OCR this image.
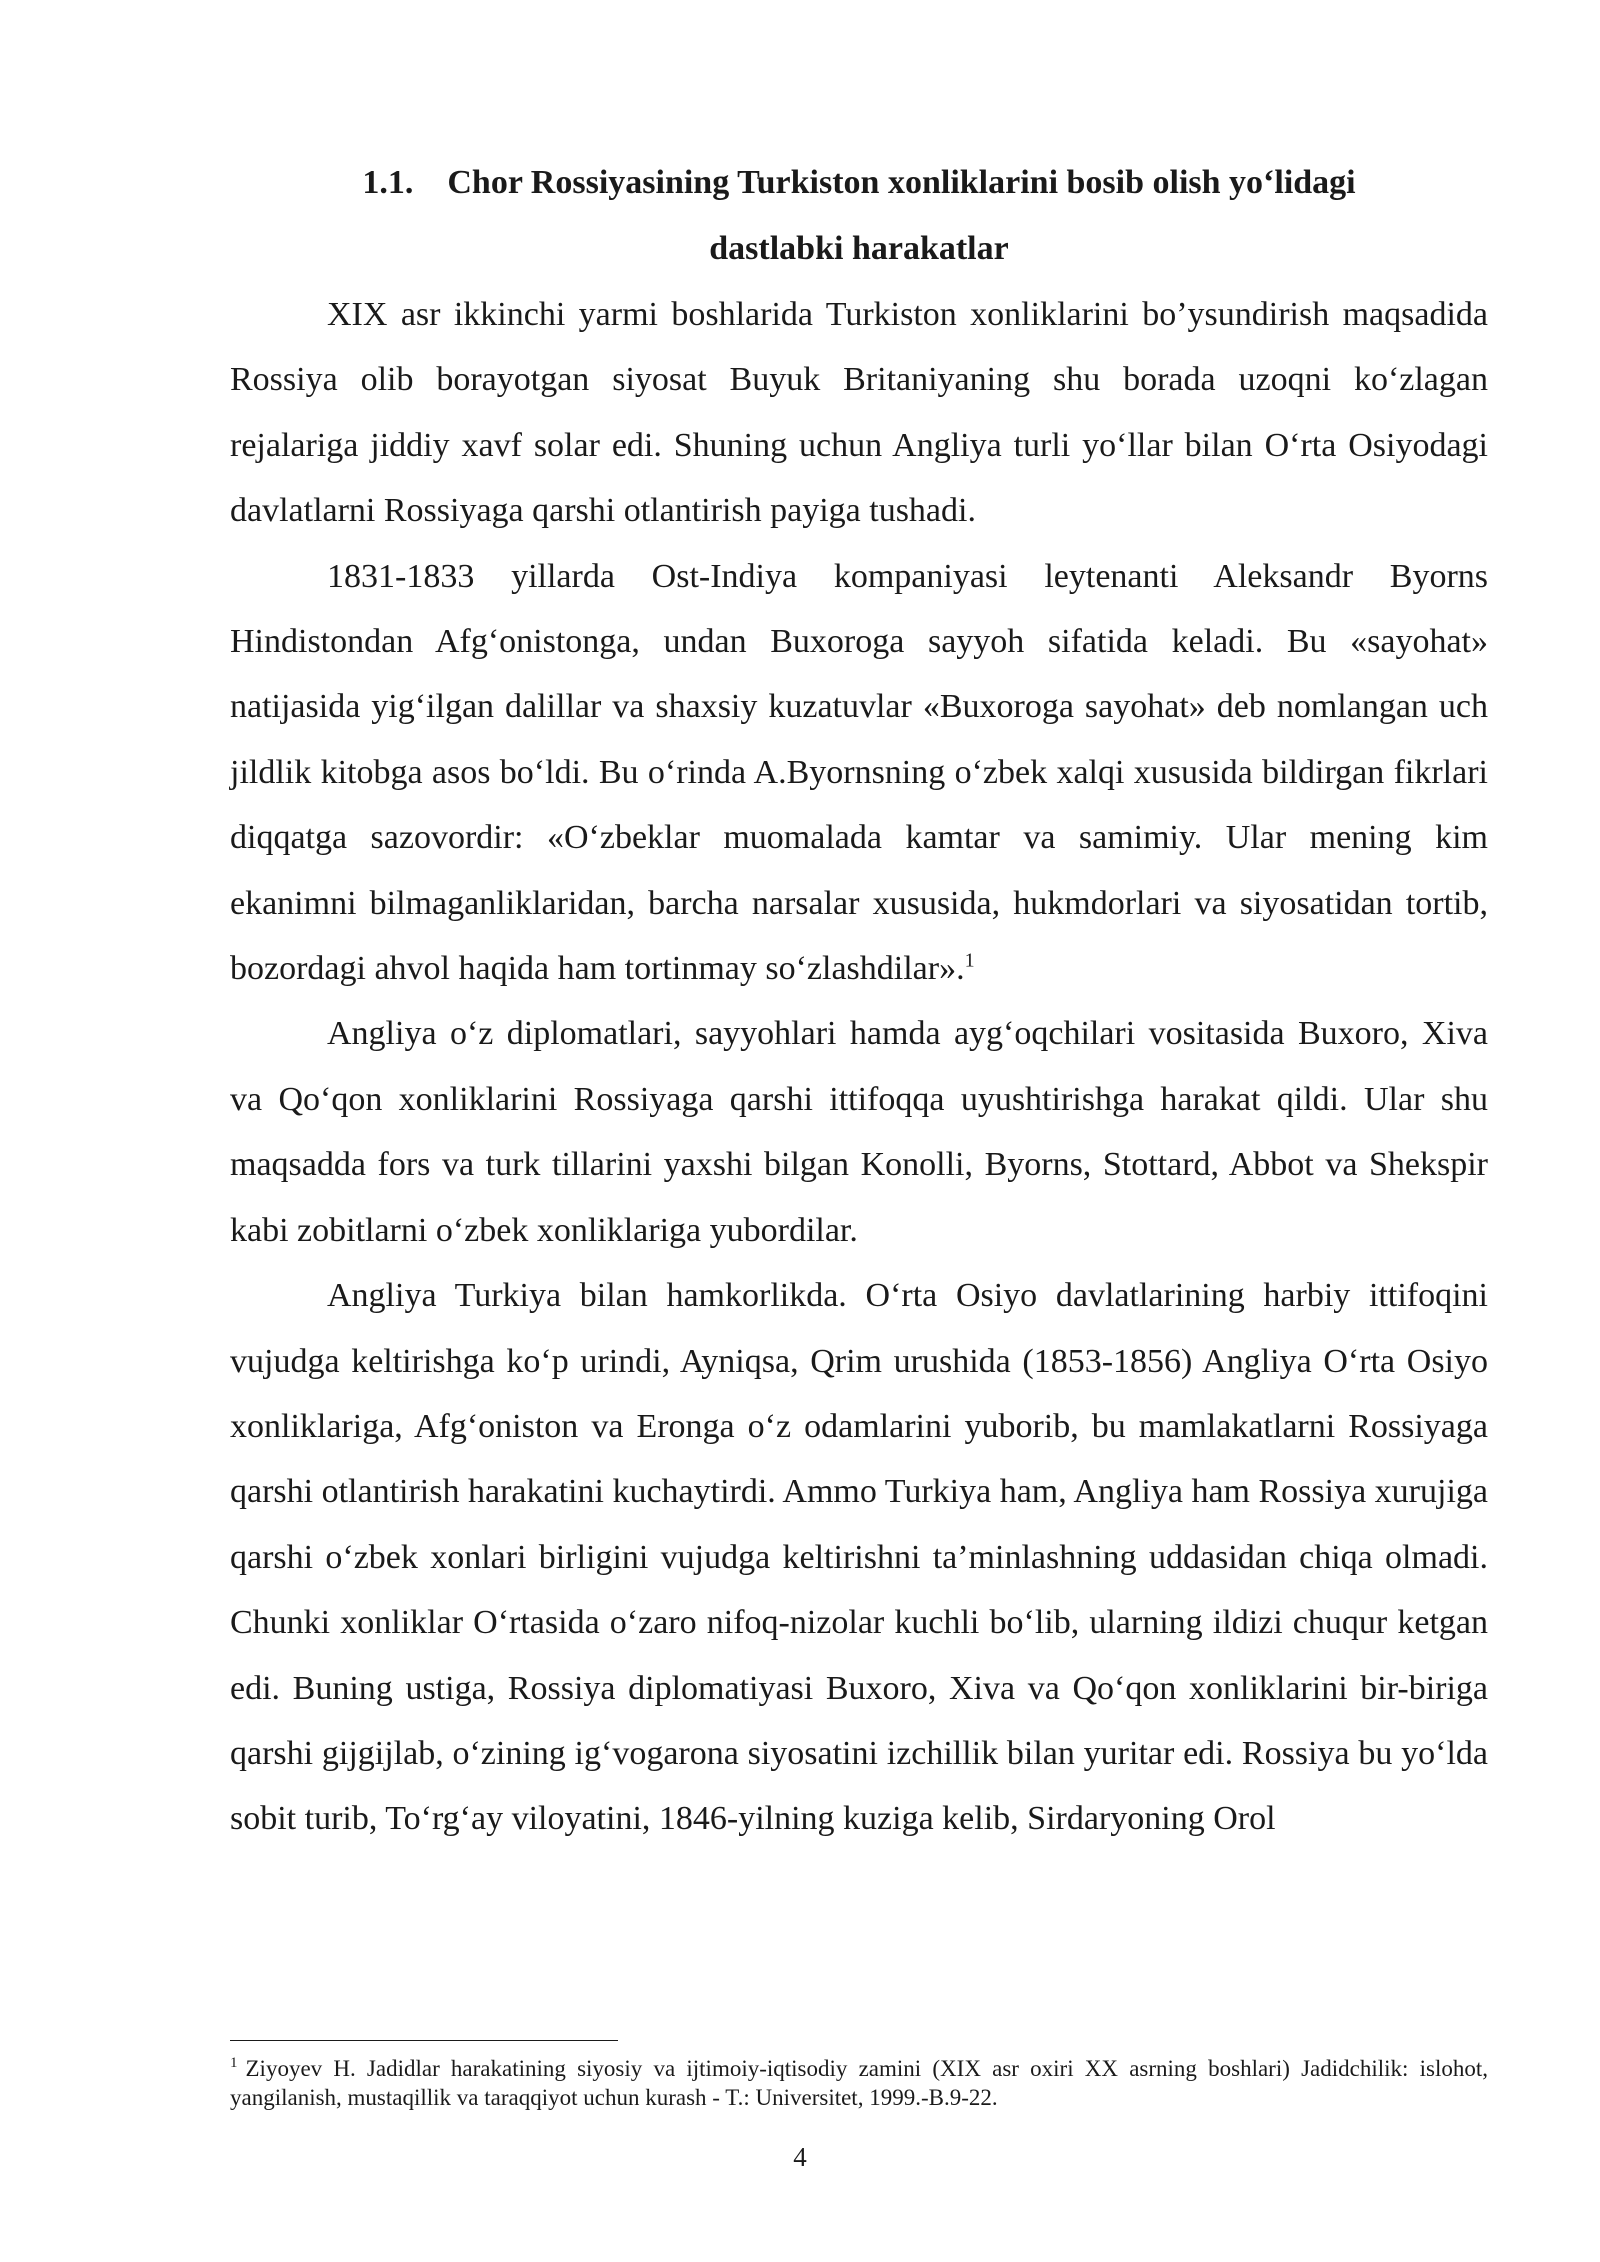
1.1. Chor Rossiyasining Turkiston xonliklarini bosib olish yo‘lidagi
dastlabki harakatlar

XIX asr ikkinchi yarmi boshlarida Turkiston xonliklarini bo’ysundirish maqsadida Rossiya olib borayotgan siyosat Buyuk Britaniyaning shu borada uzoqni ko‘zlagan rejalariga jiddiy xavf solar edi. Shuning uchun Angliya turli yo‘llar bilan O‘rta Osiyodagi davlatlarni Rossiyaga qarshi otlantirish payiga tushadi.

1831-1833 yillarda Ost-Indiya kompaniyasi leytenanti Aleksandr Byorns Hindistondan Afg‘onistonga, undan Buxoroga sayyoh sifatida keladi. Bu «sayohat» natijasida yig‘ilgan dalillar va shaxsiy kuzatuvlar «Buxoroga sayohat» deb nomlangan uch jildlik kitobga asos bo‘ldi. Bu o‘rinda A.Byornsning o‘zbek xalqi xususida bildirgan fikrlari diqqatga sazovordir: «O‘zbeklar muomalada kamtar va samimiy. Ular mening kim ekanimni bilmaganliklaridan, barcha narsalar xususida, hukmdorlari va siyosatidan tortib, bozordagi ahvol haqida ham tortinmay so‘zlashdilar».$^1$

Angliya o‘z diplomatlari, sayyohlari hamda ayg‘oqchilari vositasida Buxoro, Xiva va Qo‘qon xonliklarini Rossiyaga qarshi ittifoqqa uyushtirishga harakat qildi. Ular shu maqsadda fors va turk tillarini yaxshi bilgan Konolli, Byorns, Stottard, Abbot va Shekspir kabi zobitlarni o‘zbek xonliklariga yubordilar.

Angliya Turkiya bilan hamkorlikda. O‘rta Osiyo davlatlarining harbiy ittifoqini vujudga keltirishga ko‘p urindi, Ayniqsa, Qrim urushida (1853-1856) Angliya O‘rta Osiyo xonliklariga, Afg‘oniston va Eronga o‘z odamlarini yuborib, bu mamlakatlarni Rossiyaga qarshi otlantirish harakatini kuchaytirdi. Ammo Turkiya ham, Angliya ham Rossiya xurujiga qarshi o‘zbek xonlari birligini vujudga keltirishni ta’minlashning uddasidan chiqa olmadi. Chunki xonliklar O‘rtasida o‘zaro nifoq-nizolar kuchli bo‘lib, ularning ildizi chuqur ketgan edi. Buning ustiga, Rossiya diplomatiyasi Buxoro, Xiva va Qo‘qon xonliklarini bir-biriga qarshi gijgijlab, o‘zining ig‘vogarona siyosatini izchillik bilan yuritar edi. Rossiya bu yo‘lda sobit turib, To‘rg‘ay viloyatini, 1846-yilning kuziga kelib, Sirdaryoning Orol

$^1$ Ziyoyev H. Jadidlar harakatining siyosiy va ijtimoiy-iqtisodiy zamini (XIX asr oxiri XX asrning boshlari) Jadidchilik: islohot, yangilanish, mustaqillik va taraqqiyot uchun kurash - T.: Universitet, 1999.-B.9-22.

4
